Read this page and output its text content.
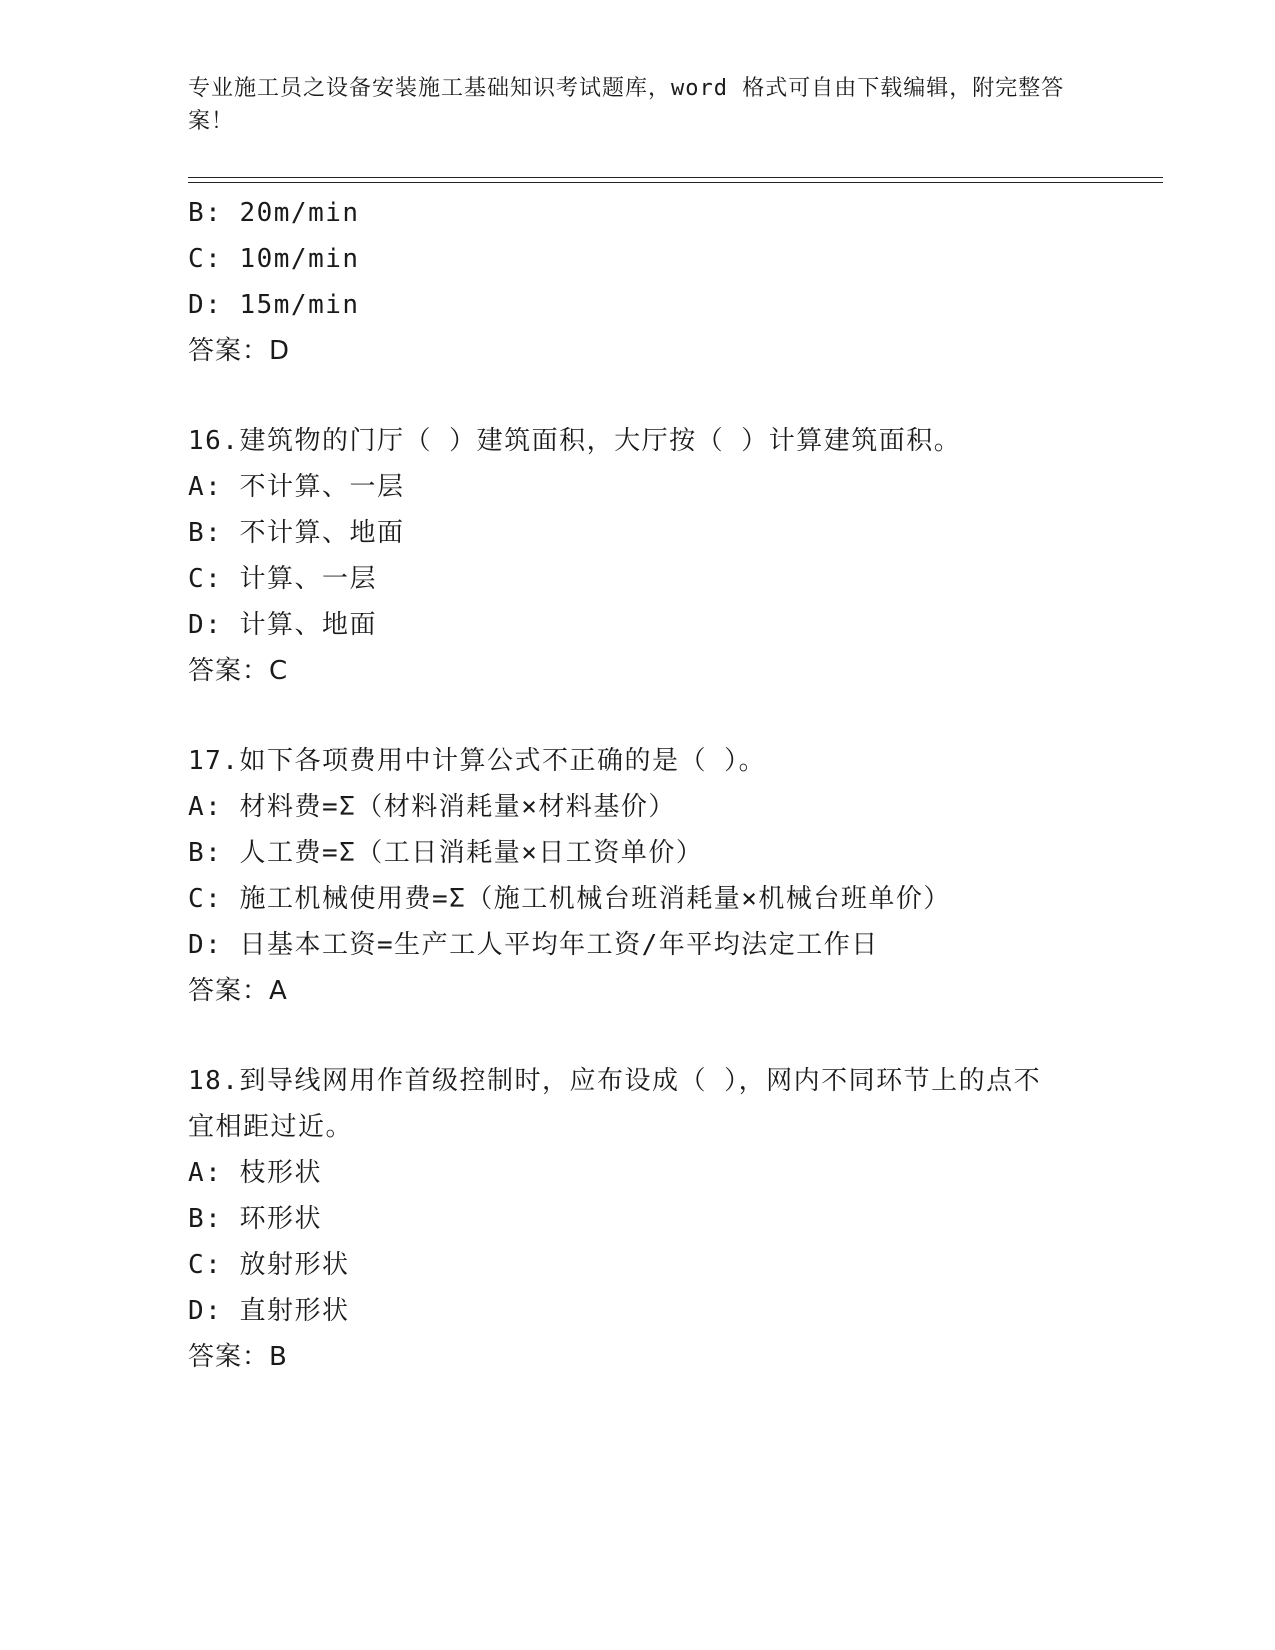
专业施工员之设备安装施工基础知识考试题库，word 格式可自由下载编辑，附完整答案！
B: 20m/min
C: 10m/min
D: 15m/min
答案：D
16.建筑物的门厅（ ）建筑面积，大厅按（ ）计算建筑面积。
A: 不计算、一层
B: 不计算、地面
C: 计算、一层
D: 计算、地面
答案：C
17.如下各项费用中计算公式不正确的是（ ）。
A: 材料费=Σ（材料消耗量×材料基价）
B: 人工费=Σ（工日消耗量×日工资单价）
C: 施工机械使用费=Σ（施工机械台班消耗量×机械台班单价）
D: 日基本工资=生产工人平均年工资/年平均法定工作日
答案：A
18.到导线网用作首级控制时，应布设成（ ），网内不同环节上的点不宜相距过近。
A: 枝形状
B: 环形状
C: 放射形状
D: 直射形状
答案：B
